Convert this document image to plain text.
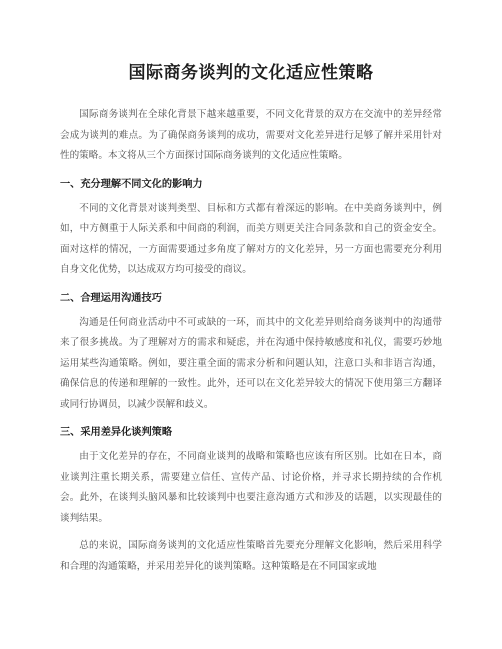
国际商务谈判的文化适应性策略

国际商务谈判在全球化背景下越来越重要，不同文化背景的双方在交流中的差异经常会成为谈判的难点。为了确保商务谈判的成功，需要对文化差异进行足够了解并采用针对性的策略。本文将从三个方面探讨国际商务谈判的文化适应性策略。

一、充分理解不同文化的影响力

不同的文化背景对谈判类型、目标和方式都有着深远的影响。在中美商务谈判中，例如，中方侧重于人际关系和中间商的利润，而美方则更关注合同条款和自己的资金安全。面对这样的情况，一方面需要通过多角度了解对方的文化差异，另一方面也需要充分利用自身文化优势，以达成双方均可接受的商议。

二、合理运用沟通技巧

沟通是任何商业活动中不可或缺的一环，而其中的文化差异则给商务谈判中的沟通带来了很多挑战。为了理解对方的需求和疑虑，并在沟通中保持敏感度和礼仪，需要巧妙地运用某些沟通策略。例如，要注重全面的需求分析和问题认知，注意口头和非语言沟通，确保信息的传递和理解的一致性。此外，还可以在文化差异较大的情况下使用第三方翻译或同行协调员，以减少误解和歧义。

三、采用差异化谈判策略

由于文化差异的存在，不同商业谈判的战略和策略也应该有所区别。比如在日本，商业谈判注重长期关系，需要建立信任、宣传产品、讨论价格，并寻求长期持续的合作机会。此外，在谈判头脑风暴和比较谈判中也要注意沟通方式和涉及的话题，以实现最佳的谈判结果。

总的来说，国际商务谈判的文化适应性策略首先要充分理解文化影响，然后采用科学和合理的沟通策略，并采用差异化的谈判策略。这种策略是在不同国家或地
